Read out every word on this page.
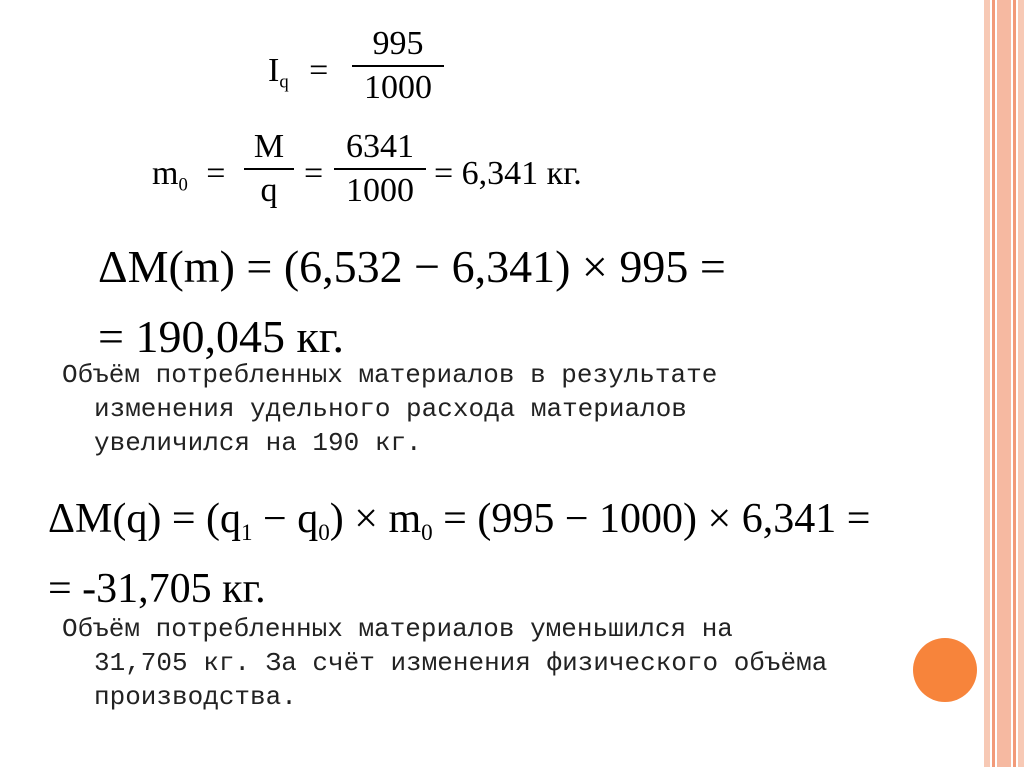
$I_q$ =
995
1000
$m_0$ =
M
q =
6341
1000 = 6,341 кг.
ΔM(m) = (6,532 − 6,341) × 995 =
= 190,045 кг.
Объём потребленных материалов в результате
изменения удельного расхода материалов
увеличился на 190 кг.
$\Delta M(q) = (q_1 - q_0) \times m_0 = (995 - 1000) \times 6,341$ =
= -31,705 кг.
Объём потребленных материалов уменьшился на
31,705 кг. За счёт изменения физического объёма
производства.
